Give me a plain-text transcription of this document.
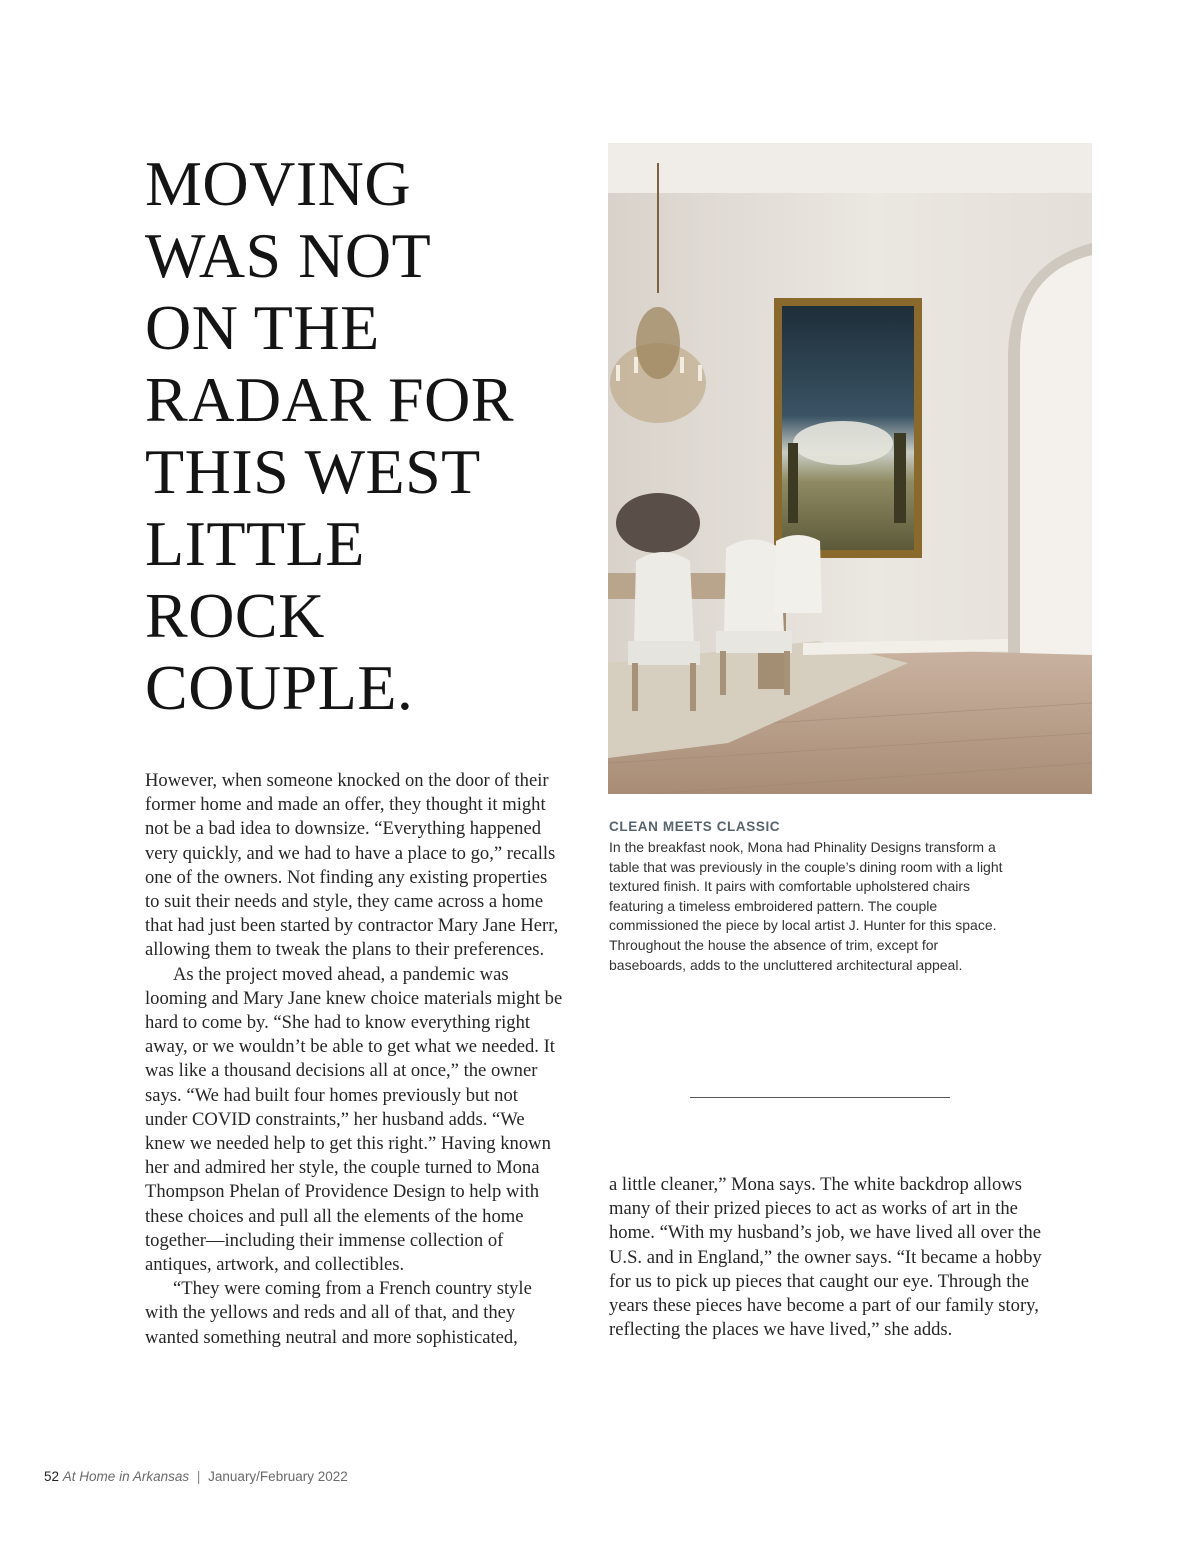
MOVING
WAS NOT
ON THE
RADAR FOR
THIS WEST
LITTLE
ROCK
COUPLE.

However, when someone knocked on the door of their former home and made an offer, they thought it might not be a bad idea to downsize. “Everything happened very quickly, and we had to have a place to go,” recalls one of the owners. Not finding any existing properties to suit their needs and style, they came across a home that had just been started by contractor Mary Jane Herr, allowing them to tweak the plans to their preferences.

As the project moved ahead, a pandemic was looming and Mary Jane knew choice materials might be hard to come by. “She had to know everything right away, or we wouldn’t be able to get what we needed. It was like a thousand decisions all at once,” the owner says. “We had built four homes previously but not under COVID constraints,” her husband adds. “We knew we needed help to get this right.” Having known her and admired her style, the couple turned to Mona Thompson Phelan of Providence Design to help with these choices and pull all the elements of the home together—including their immense collection of antiques, artwork, and collectibles.

“They were coming from a French country style with the yellows and reds and all of that, and they wanted something neutral and more sophisticated,

CLEAN MEETS CLASSIC

In the breakfast nook, Mona had Phinality Designs transform a table that was previously in the couple’s dining room with a light textured finish. It pairs with comfortable upholstered chairs featuring a timeless embroidered pattern. The couple commissioned the piece by local artist J. Hunter for this space. Throughout the house the absence of trim, except for baseboards, adds to the uncluttered architectural appeal.

a little cleaner,” Mona says. The white backdrop allows many of their prized pieces to act as works of art in the home. “With my husband’s job, we have lived all over the U.S. and in England,” the owner says. “It became a hobby for us to pick up pieces that caught our eye. Through the years these pieces have become a part of our family story, reflecting the places we have lived,” she adds.

52 At Home in Arkansas | January/February 2022
